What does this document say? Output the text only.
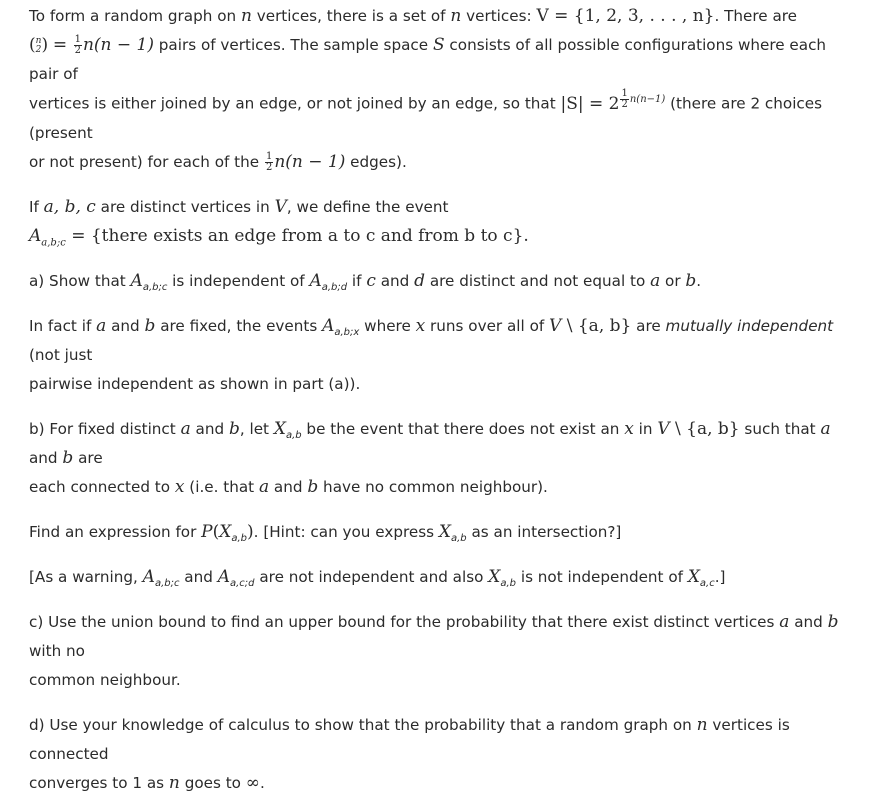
To form a random graph on n vertices, there is a set of n vertices: V = {1, 2, 3, . . . , n}. There are
( n
2 ) = $\frac{1}{2} n(n - 1)$ pairs of vertices. The sample space S consists of all possible configurations where each pair of
vertices is either joined by an edge, or not joined by an edge, so that |S| = 2 $^{\frac{1}{2} n(n-1)}$ (there are 2 choices (present
or not present) for each of the $\frac{1}{2} n(n - 1)$ edges).

If a, b, c are distinct vertices in V, we define the event
$A_{a,b;c}$ = {there exists an edge from a to c and from b to c}.

a) Show that $A_{a,b;c}$ is independent of $A_{a,b;d}$ if c and d are distinct and not equal to a or b.

In fact if a and b are fixed, the events $A_{a,b;x}$ where x runs over all of V \ {a, b} are mutually independent (not just
pairwise independent as shown in part (a)).

b) For fixed distinct a and b, let $X_{a,b}$ be the event that there does not exist an x in V \ {a, b} such that a and b are
each connected to x (i.e. that a and b have no common neighbour).

Find an expression for $P(X_{a,b})$. [Hint: can you express $X_{a,b}$ as an intersection?]

[As a warning, $A_{a,b;c}$ and $A_{a,c;d}$ are not independent and also $X_{a,b}$ is not independent of $X_{a,c}$.]

c) Use the union bound to find an upper bound for the probability that there exist distinct vertices a and b with no
common neighbour.

d) Use your knowledge of calculus to show that the probability that a random graph on n vertices is connected
converges to 1 as n goes to ∞.
